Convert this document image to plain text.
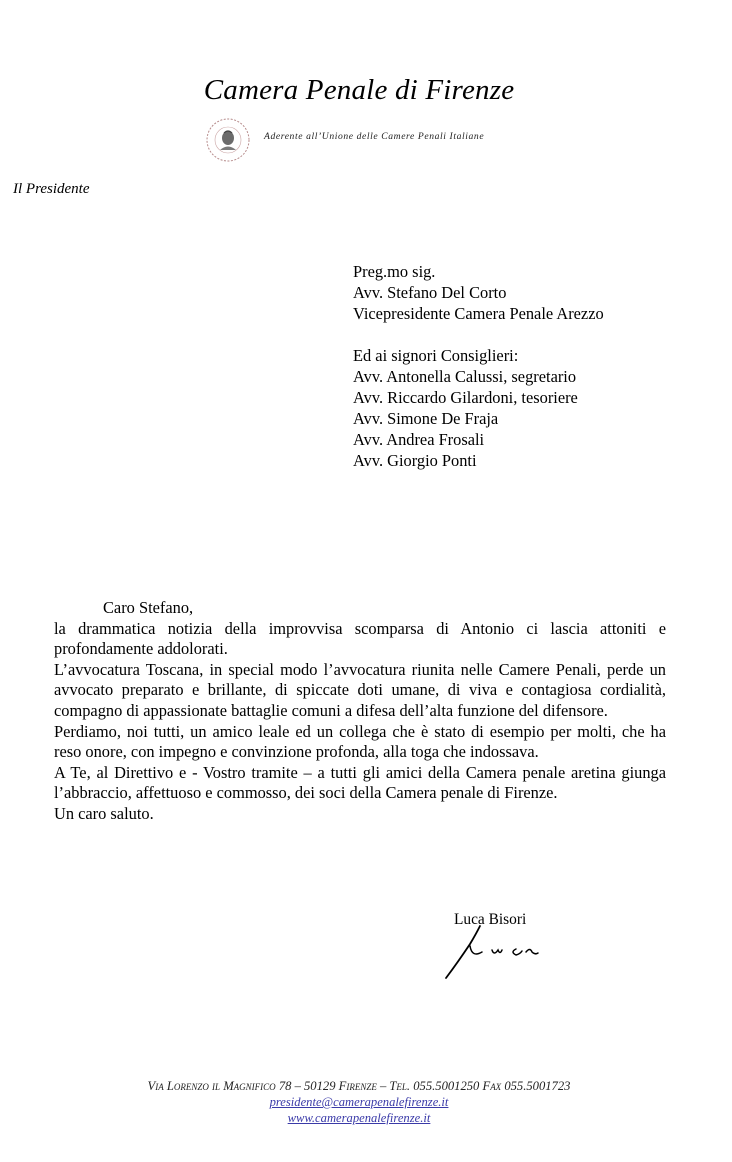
Camera Penale di Firenze
Aderente all’Unione delle Camere Penali Italiane
Il Presidente
Preg.mo sig.
Avv. Stefano Del Corto
Vicepresidente Camera Penale Arezzo
Ed ai signori Consiglieri:
Avv. Antonella Calussi, segretario
Avv. Riccardo Gilardoni, tesoriere
Avv. Simone De Fraja
Avv. Andrea Frosali
Avv. Giorgio Ponti

Caro Stefano,

la drammatica notizia della improvvisa scomparsa di Antonio ci lascia attoniti e profondamente addolorati.

L’avvocatura Toscana, in special modo l’avvocatura riunita nelle Camere Penali, perde un avvocato preparato e brillante, di spiccate doti umane, di viva e contagiosa cordialità, compagno di appassionate battaglie comuni a difesa dell’alta funzione del difensore.

Perdiamo, noi tutti, un amico leale ed un collega che è stato di esempio per molti, che ha reso onore, con impegno e convinzione profonda, alla toga che indossava.

A Te, al Direttivo e - Vostro tramite – a tutti gli amici della Camera penale aretina giunga l’abbraccio, affettuoso e commosso, dei soci della Camera penale di Firenze.

Un caro saluto.

Luca Bisori
Via Lorenzo il Magnifico 78 – 50129 Firenze – Tel. 055.5001250 Fax 055.5001723
presidente@camerapenalefirenze.it
www.camerapenalefirenze.it
